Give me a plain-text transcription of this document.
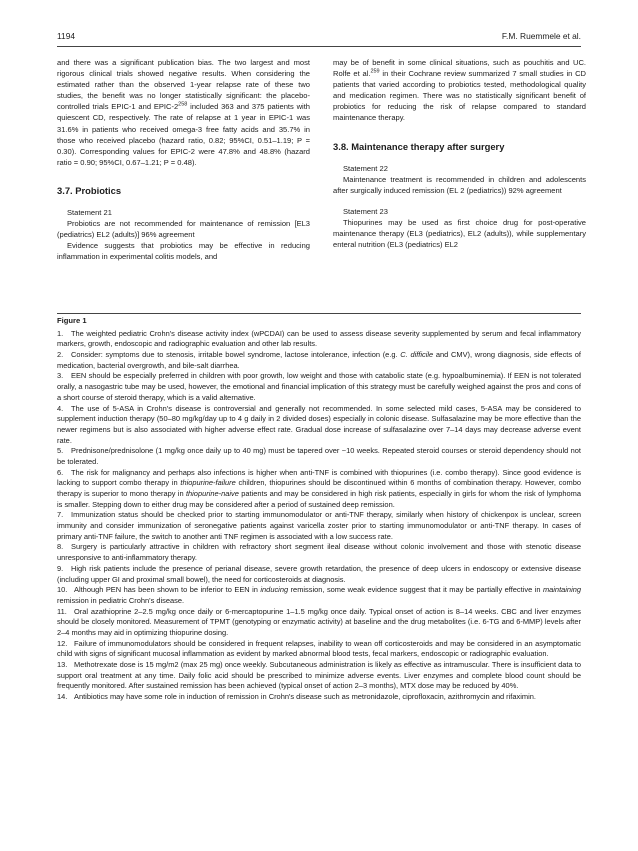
1194	F.M. Ruemmele et al.

and there was a significant publication bias. The two largest and most rigorous clinical trials showed negative results. When considering the estimated rather than the observed 1-year relapse rate of these two studies, the benefit was no longer statistically significant: the placebo-controlled trials EPIC-1 and EPIC-$2^{258}$ included 363 and 375 patients with quiescent CD, respectively. The rate of relapse at 1 year in EPIC-1 was 31.6% in patients who received omega-3 free fatty acids and 35.7% in those who received placebo (hazard ratio, 0.82; 95%CI, 0.51–1.19; P = 0.30). Corresponding values for EPIC-2 were 47.8% and 48.8% (hazard ratio = 0.90; 95%CI, 0.67–1.21; P = 0.48).

3.7. Probiotics

Statement 21

Probiotics are not recommended for maintenance of remission [EL3 (pediatrics) EL2 (adults)] 96% agreement

Evidence suggests that probiotics may be effective in reducing inflammation in experimental colitis models, and

may be of benefit in some clinical situations, such as pouchitis and UC. Rolfe et al.$^{259}$ in their Cochrane review summarized 7 small studies in CD patients that varied according to probiotics tested, methodological quality and medication regimen. There was no statistically significant benefit of probiotics for reducing the risk of relapse compared to standard maintenance therapy.

3.8. Maintenance therapy after surgery

Statement 22

Maintenance treatment is recommended in children and adolescents after surgically induced remission (EL 2 (pediatrics)) 92% agreement

Statement 23

Thiopurines may be used as first choice drug for post-operative maintenance therapy (EL3 (pediatrics), EL2 (adults)), while supplementary enteral nutrition (EL3 (pediatrics) EL2

Figure 1

1. The weighted pediatric Crohn's disease activity index (wPCDAI) can be used to assess disease severity supplemented by serum and fecal inflammatory markers, growth, endoscopic and radiographic evaluation and other lab results.

2. Consider: symptoms due to stenosis, irritable bowel syndrome, lactose intolerance, infection (e.g. C. difficile and CMV), wrong diagnosis, side effects of medication, bacterial overgrowth, and bile-salt diarrhea.

3. EEN should be especially preferred in children with poor growth, low weight and those with catabolic state (e.g. hypoalbuminemia). If EEN is not tolerated orally, a nasogastric tube may be used, however, the emotional and financial implication of this strategy must be carefully weighed against the pros and cons of a short course of steroid therapy, which is a valid alternative.

4. The use of 5-ASA in Crohn's disease is controversial and generally not recommended. In some selected mild cases, 5-ASA may be considered to supplement induction therapy (50–80 mg/kg/day up to 4 g daily in 2 divided doses) especially in colonic disease. Sulfasalazine may be more effective than the newer regimens but is also associated with higher adverse effect rate. Gradual dose increase of sulfasalazine over 7–14 days may decrease adverse event rate.

5. Prednisone/prednisolone (1 mg/kg once daily up to 40 mg) must be tapered over ~10 weeks. Repeated steroid courses or steroid dependency should not be tolerated.

6. The risk for malignancy and perhaps also infections is higher when anti-TNF is combined with thiopurines (i.e. combo therapy). Since good evidence is lacking to support combo therapy in thiopurine-failure children, thiopurines should be discontinued within 6 months of combination therapy. However, combo therapy is superior to mono therapy in thiopurine-naive patients and may be considered in high risk patients, especially in girls for whom the risk of lymphoma is smaller. Stepping down to either drug may be considered after a period of sustained deep remission.

7. Immunization status should be checked prior to starting immunomodulator or anti-TNF therapy, similarly when history of chickenpox is unclear, screen immunity and consider immunization of seronegative patients against varicella zoster prior to starting immunomodulator or anti-TNF therapy. In cases of primary anti-TNF failure, the switch to another anti TNF regimen is associated with a low success rate.

8. Surgery is particularly attractive in children with refractory short segment ileal disease without colonic involvement and those with stenotic disease unresponsive to anti-inflammatory therapy.

9. High risk patients include the presence of perianal disease, severe growth retardation, the presence of deep ulcers in endoscopy or extensive disease (including upper GI and proximal small bowel), the need for corticosteroids at diagnosis.

10. Although PEN has been shown to be inferior to EEN in inducing remission, some weak evidence suggest that it may be partially effective in maintaining remission in pediatric Crohn's disease.

11. Oral azathioprine 2–2.5 mg/kg once daily or 6-mercaptopurine 1–1.5 mg/kg once daily. Typical onset of action is 8–14 weeks. CBC and liver enzymes should be closely monitored. Measurement of TPMT (genotyping or enzymatic activity) at baseline and the drug metabolites (i.e. 6-TG and 6-MMP) levels after 2–4 months may aid in optimizing thiopurine dosing.

12. Failure of immunomodulators should be considered in frequent relapses, inability to wean off corticosteroids and may be considered in an asymptomatic child with signs of significant mucosal inflammation as evident by marked abnormal blood tests, fecal markers, endoscopic or radiographic evaluation.

13. Methotrexate dose is 15 mg/m2 (max 25 mg) once weekly. Subcutaneous administration is likely as effective as intramuscular. There is insufficient data to support oral treatment at any time. Daily folic acid should be prescribed to minimize adverse events. Liver enzymes and complete blood count should be frequently monitored. After sustained remission has been achieved (typical onset of action 2–3 months), MTX dose may be reduced by 40%.

14. Antibiotics may have some role in induction of remission in Crohn's disease such as metronidazole, ciprofloxacin, azithromycin and rifaximin.
